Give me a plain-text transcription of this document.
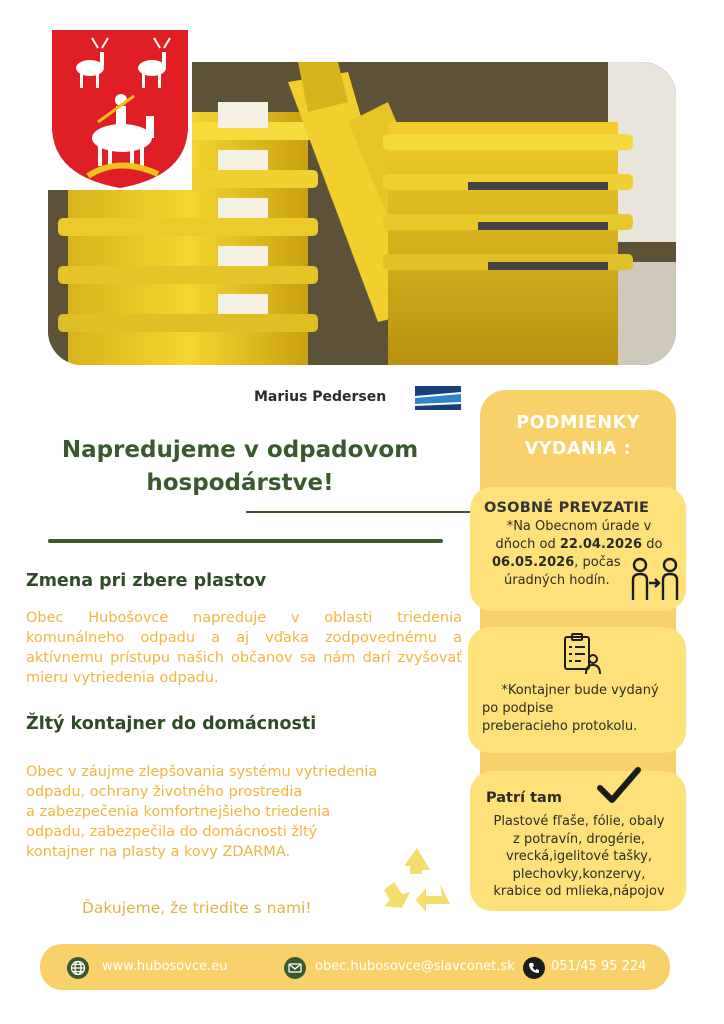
Marius Pedersen
Napredujeme v odpadovom
hospodárstve!
Zmena pri zbere plastov
Obec Hubošovce napreduje v oblasti triedenia komunálneho odpadu a aj vďaka zodpovednému a aktívnemu prístupu našich občanov sa nám darí zvyšovať mieru vytriedenia odpadu.
Žltý kontajner do domácnosti
Obec v záujme zlepšovania systému vytriedenia
odpadu, ochrany životného prostredia
a zabezpečenia komfortnejšieho triedenia
odpadu, zabezpečila do domácnosti žltý
kontajner na plasty a kovy ZDARMA.
Ďakujeme, že triedite s nami!
PODMIENKY
VYDANIA :
OSOBNÉ PREVZATIE
*Na Obecnom úrade v
dňoch od 22.04.2026 do
06.05.2026, počas
úradných hodín.
*Kontajner bude vydaný
po podpise
preberacieho protokolu.
Patrí tam
Plastové fľaše, fólie, obaly
z potravín, drogérie,
vrecká,igelitové tašky,
plechovky,konzervy,
krabice od mlieka,nápojov
www.hubosovce.eu	obec.hubosovce@slavconet.sk	051/45 95 224
